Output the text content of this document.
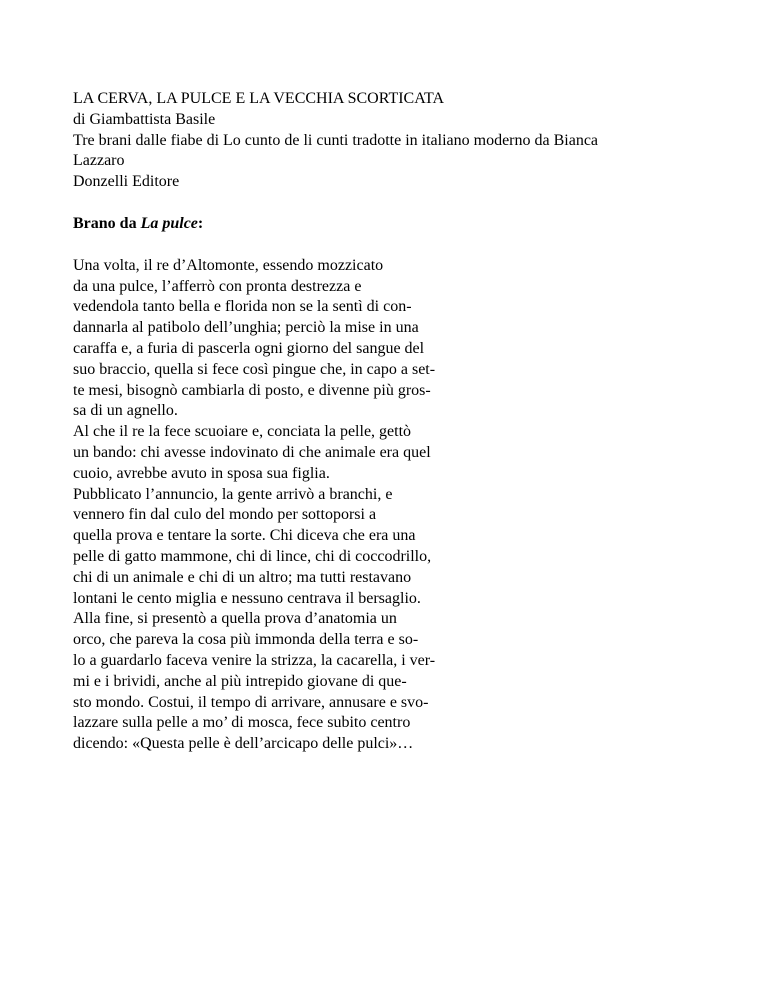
LA CERVA, LA PULCE E LA VECCHIA SCORTICATA
di Giambattista Basile
Tre brani dalle fiabe di Lo cunto de li cunti tradotte in italiano moderno da Bianca
Lazzaro
Donzelli Editore
Brano da La pulce:
Una volta, il re d’Altomonte, essendo mozzicato
da una pulce, l’afferrò con pronta destrezza e
vedendola tanto bella e florida non se la sentì di con-
dannarla al patibolo dell’unghia; perciò la mise in una
caraffa e, a furia di pascerla ogni giorno del sangue del
suo braccio, quella si fece così pingue che, in capo a set-
te mesi, bisognò cambiarla di posto, e divenne più gros-
sa di un agnello.
Al che il re la fece scuoiare e, conciata la pelle, gettò
un bando: chi avesse indovinato di che animale era quel
cuoio, avrebbe avuto in sposa sua figlia.
Pubblicato l’annuncio, la gente arrivò a branchi, e
vennero fin dal culo del mondo per sottoporsi a
quella prova e tentare la sorte. Chi diceva che era una
pelle di gatto mammone, chi di lince, chi di coccodrillo,
chi di un animale e chi di un altro; ma tutti restavano
lontani le cento miglia e nessuno centrava il bersaglio.
Alla fine, si presentò a quella prova d’anatomia un
orco, che pareva la cosa più immonda della terra e so-
lo a guardarlo faceva venire la strizza, la cacarella, i ver-
mi e i brividi, anche al più intrepido giovane di que-
sto mondo. Costui, il tempo di arrivare, annusare e svo-
lazzare sulla pelle a mo’ di mosca, fece subito centro
dicendo: «Questa pelle è dell’arcicapo delle pulci»…
